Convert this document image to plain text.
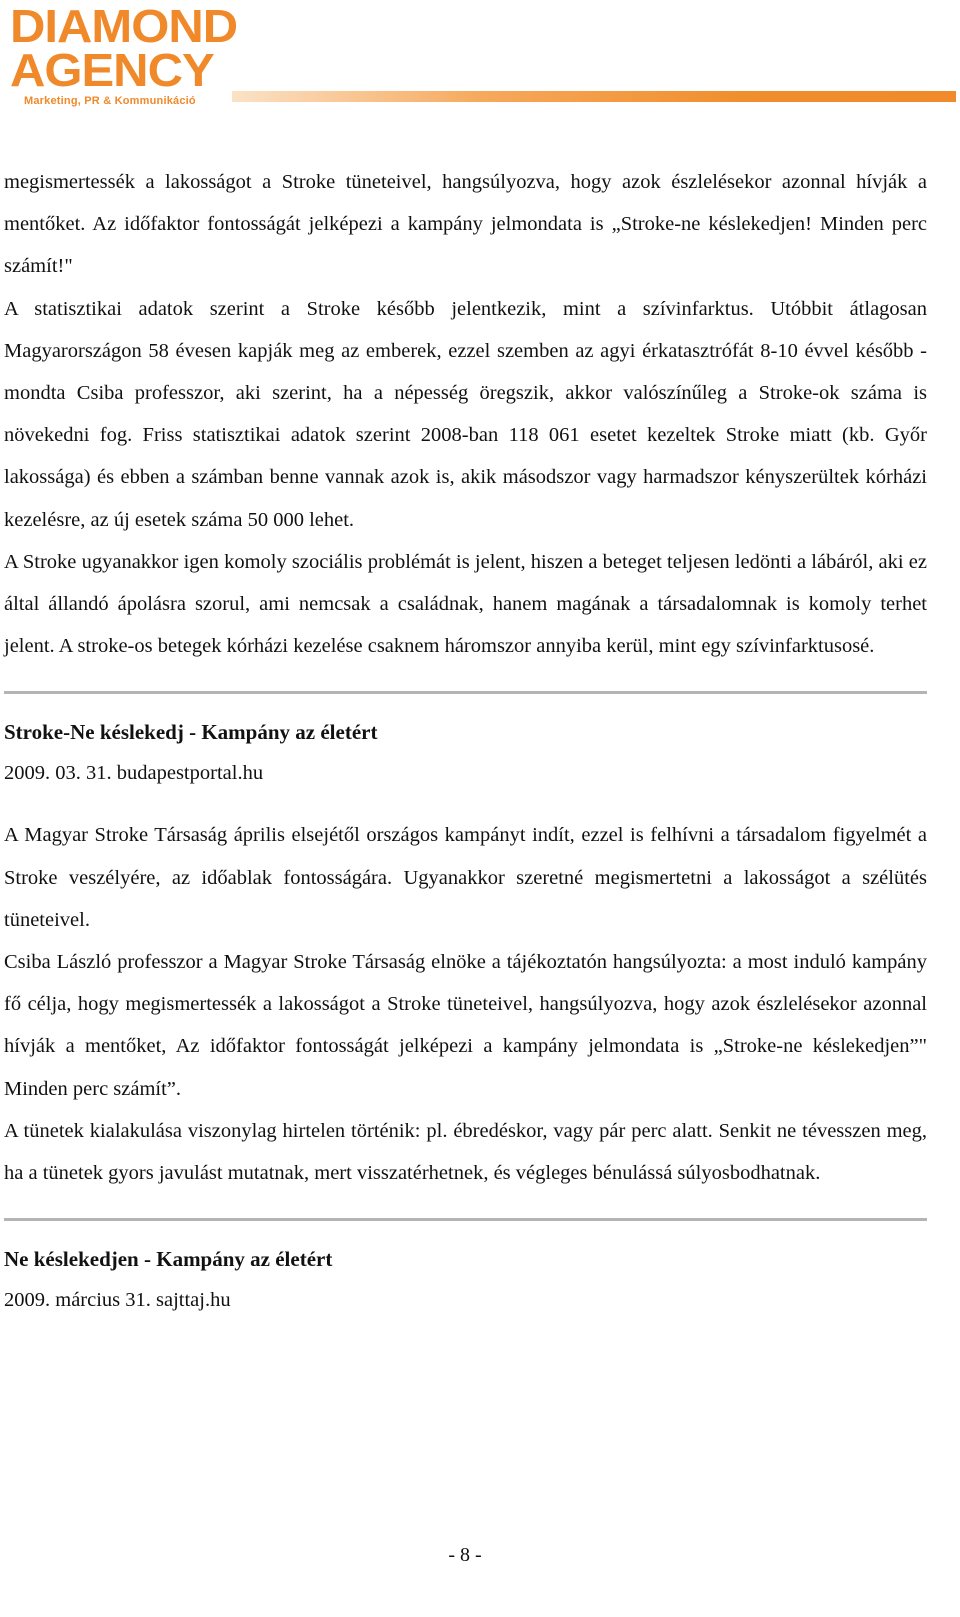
DIAMOND
AGENCY
Marketing, PR & Kommunikáció

megismertessék a lakosságot a Stroke tüneteivel, hangsúlyozva, hogy azok észlelésekor azonnal hívják a mentőket. Az időfaktor fontosságát jelképezi a kampány jelmondata is „Stroke-ne késlekedjen! Minden perc számít!"

A statisztikai adatok szerint a Stroke később jelentkezik, mint a szívinfarktus. Utóbbit átlagosan Magyarországon 58 évesen kapják meg az emberek, ezzel szemben az agyi érkatasztrófát 8-10 évvel később - mondta Csiba professzor, aki szerint, ha a népesség öregszik, akkor valószínűleg a Stroke-ok száma is növekedni fog. Friss statisztikai adatok szerint 2008-ban 118 061 esetet kezeltek Stroke miatt (kb. Győr lakossága) és ebben a számban benne vannak azok is, akik másodszor vagy harmadszor kényszerültek kórházi kezelésre, az új esetek száma 50 000 lehet.

A Stroke ugyanakkor igen komoly szociális problémát is jelent, hiszen a beteget teljesen ledönti a lábáról, aki ez által állandó ápolásra szorul, ami nemcsak a családnak, hanem magának a társadalomnak is komoly terhet jelent. A stroke-os betegek kórházi kezelése csaknem háromszor annyiba kerül, mint egy szívinfarktusosé.

Stroke-Ne késlekedj - Kampány az életért

2009. 03. 31. budapestportal.hu

A Magyar Stroke Társaság április elsejétől országos kampányt indít, ezzel is felhívni a társadalom figyelmét a Stroke veszélyére, az időablak fontosságára. Ugyanakkor szeretné megismertetni a lakosságot a szélütés tüneteivel.

Csiba László professzor a Magyar Stroke Társaság elnöke a tájékoztatón hangsúlyozta: a most induló kampány fő célja, hogy megismertessék a lakosságot a Stroke tüneteivel, hangsúlyozva, hogy azok észlelésekor azonnal hívják a mentőket, Az időfaktor fontosságát jelképezi a kampány jelmondata is „Stroke-ne késlekedjen”" Minden perc számít”.

A tünetek kialakulása viszonylag hirtelen történik: pl. ébredéskor, vagy pár perc alatt. Senkit ne tévesszen meg, ha a tünetek gyors javulást mutatnak, mert visszatérhetnek, és végleges bénulássá súlyosbodhatnak.

Ne késlekedjen - Kampány az életért

2009. március 31. sajttaj.hu

- 8 -
